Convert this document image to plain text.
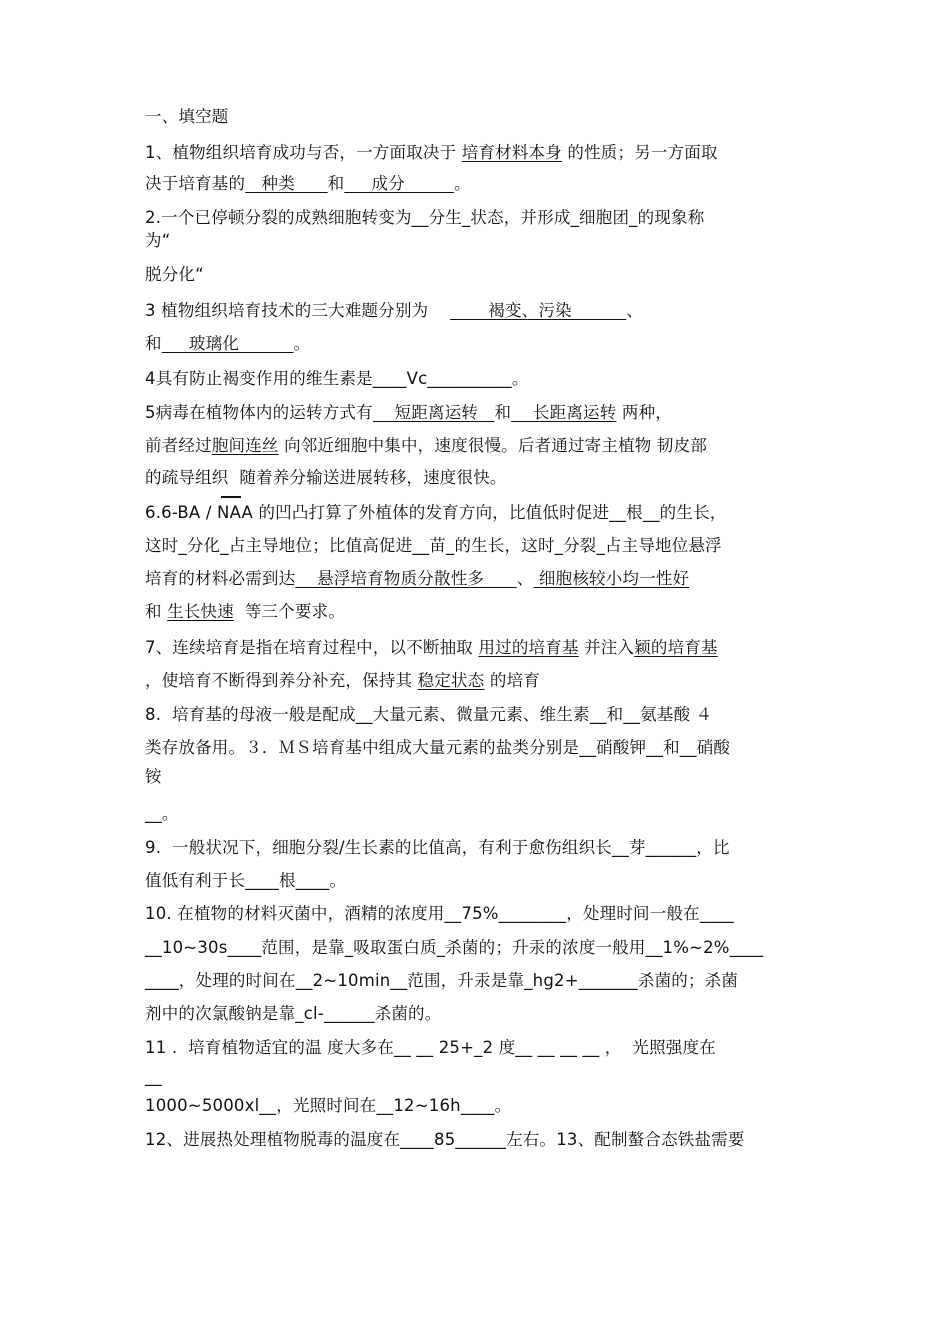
一、填空题
1、植物组织培育成功与否，一方面取决于 培育材料本身 的性质；另一方面取
决于培育基的   种类      和     成分         。
2.一个已停顿分裂的成熟细胞转变为__分生_状态，并形成_细胞团_的现象称
为“
脱分化“
3 植物组织培育技术的三大难题分别为           褐变、污染          、
和     玻璃化          。
4具有防止褐变作用的维生素是____Vc__________。
5病毒在植物体内的运转方式有    短距离运转   和    长距离运转 两种，
前者经过胞间连丝 向邻近细胞中集中，速度很慢。后者通过寄主植物 韧皮部
的疏导组织  随着养分输送进展转移，速度很快。
6.6-BA / NAA 的凹凸打算了外植体的发育方向，比值低时促进__根__的生长，
这时_分化_占主导地位；比值高促进__苗_的生长，这时_分裂_占主导地位悬浮
培育的材料必需到达    悬浮培育物质分散性多      、 细胞核较小均一性好
和 生长快速  等三个要求。
7、连续培育是指在培育过程中，以不断抽取 用过的培育基 并注入颖的培育基
，使培育不断得到养分补充，保持其 稳定状态 的培育
8.  培育基的母液一般是配成__大量元素、微量元素、维生素__和__氨基酸 ４
类存放备用。３．ＭＳ培育基中组成大量元素的盐类分别是__硝酸钾__和__硝酸
铵
__。
9.  一般状况下，细胞分裂/生长素的比值高，有利于愈伤组织长__芽______，比
值低有利于长____根____。
10. 在植物的材料灭菌中，酒精的浓度用__75%________，处理时间一般在____
__10~30s____范围，是靠_吸取蛋白质_杀菌的；升汞的浓度一般用__1%~2%____
____，处理的时间在__2~10min__范围，升汞是靠_hg2+_______杀菌的；杀菌
剂中的次氯酸钠是靠_cl-______杀菌的。
11 .  培育植物适宜的温 度大多在__ __ 25+_2 度__ __ __ __ ，  光照强度在
__
1000~5000xl__，光照时间在__12~16h____。
12、进展热处理植物脱毒的温度在____85______左右。13、配制螯合态铁盐需要
